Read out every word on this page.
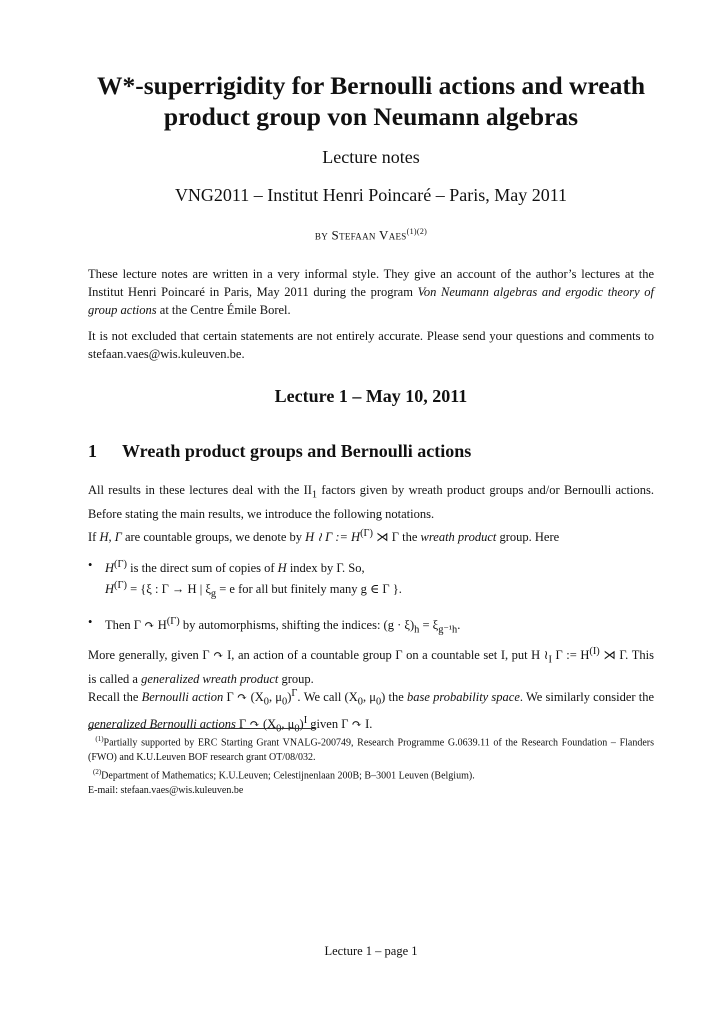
W*-superrigidity for Bernoulli actions and wreath product group von Neumann algebras
Lecture notes
VNG2011 – Institut Henri Poincaré – Paris, May 2011
by Stefaan Vaes$^{(1)(2)}$
These lecture notes are written in a very informal style. They give an account of the author’s lectures at the Institut Henri Poincaré in Paris, May 2011 during the program Von Neumann algebras and ergodic theory of group actions at the Centre Émile Borel.
It is not excluded that certain statements are not entirely accurate. Please send your questions and comments to stefaan.vaes@wis.kuleuven.be.
Lecture 1 – May 10, 2011
1 Wreath product groups and Bernoulli actions
All results in these lectures deal with the $II_1$ factors given by wreath product groups and/or Bernoulli actions. Before stating the main results, we introduce the following notations.
If H, Γ are countable groups, we denote by H ≀ Γ := $H^{(\Gamma)}$ ⋊ Γ the wreath product group. Here
• $H^{(\Gamma)}$ is the direct sum of copies of H index by Γ. So,
$H^{(\Gamma)} = \{\xi$ : Γ → H | $\xi_g = e$ for all but finitely many g ∈ Γ }.
• Then Γ ↷ $H^{(\Gamma)}$ by automorphisms, shifting the indices: $(g \cdot \xi)_h = \xi_{g^{-1}h}$.
More generally, given Γ ↷ I, an action of a countable group Γ on a countable set I, put H $≀_I$ Γ := $H^{(I)}$ ⋊ Γ. This is called a generalized wreath product group.
Recall the Bernoulli action Γ ↷ ($X_0$, $\mu_0)^\Gamma$. We call ($X_0$, $\mu_0$) the base probability space. We similarly consider the generalized Bernoulli actions Γ ↷ ($X_0$, $\mu_0)^I$ given Γ ↷ I.
$^{(1)}$Partially supported by ERC Starting Grant VNALG-200749, Research Programme G.0639.11 of the Research Foundation – Flanders (FWO) and K.U.Leuven BOF research grant OT/08/032.
$^{(2)}$Department of Mathematics; K.U.Leuven; Celestijnenlaan 200B; B–3001 Leuven (Belgium).
E-mail: stefaan.vaes@wis.kuleuven.be
Lecture 1 – page 1
